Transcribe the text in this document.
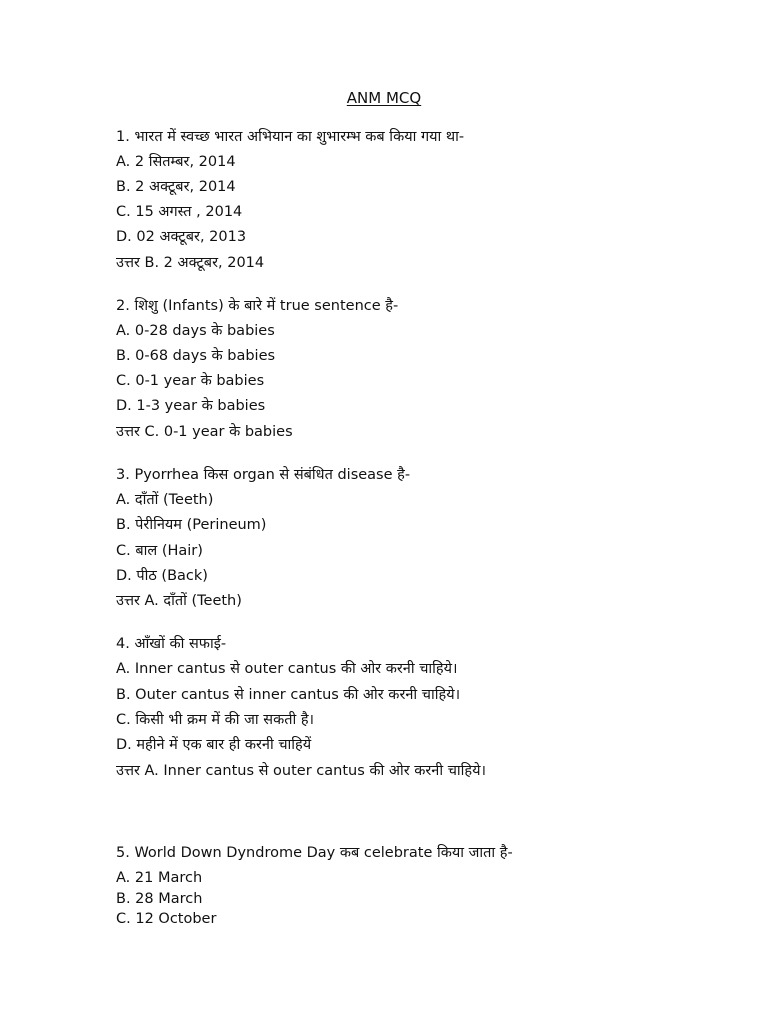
ANM MCQ
1. भारत में स्वच्छ भारत अभियान का शुभारम्भ कब किया गया था-
A. 2 सितम्बर, 2014
B. 2 अक्टूबर, 2014
C. 15 अगस्त , 2014
D. 02 अक्टूबर, 2013
उत्तर B. 2 अक्टूबर, 2014
2. शिशु (Infants) के बारे में true sentence है-
A. 0-28 days के babies
B. 0-68 days के babies
C. 0-1 year के babies
D. 1-3 year के babies
उत्तर C. 0-1 year के babies
3. Pyorrhea किस organ से संबंधित disease है-
A. दाँतों (Teeth)
B. पेरीनियम (Perineum)
C. बाल (Hair)
D. पीठ (Back)
उत्तर A. दाँतों (Teeth)
4. आँखों की सफाई-
A. Inner cantus से outer cantus की ओर करनी चाहिये।
B. Outer cantus से inner cantus की ओर करनी चाहिये।
C. किसी भी क्रम में की जा सकती है।
D. महीने में एक बार ही करनी चाहियें
उत्तर A. Inner cantus से outer cantus की ओर करनी चाहिये।
5. World Down Dyndrome Day कब celebrate किया जाता है-
A. 21 March
B. 28 March
C. 12 October
